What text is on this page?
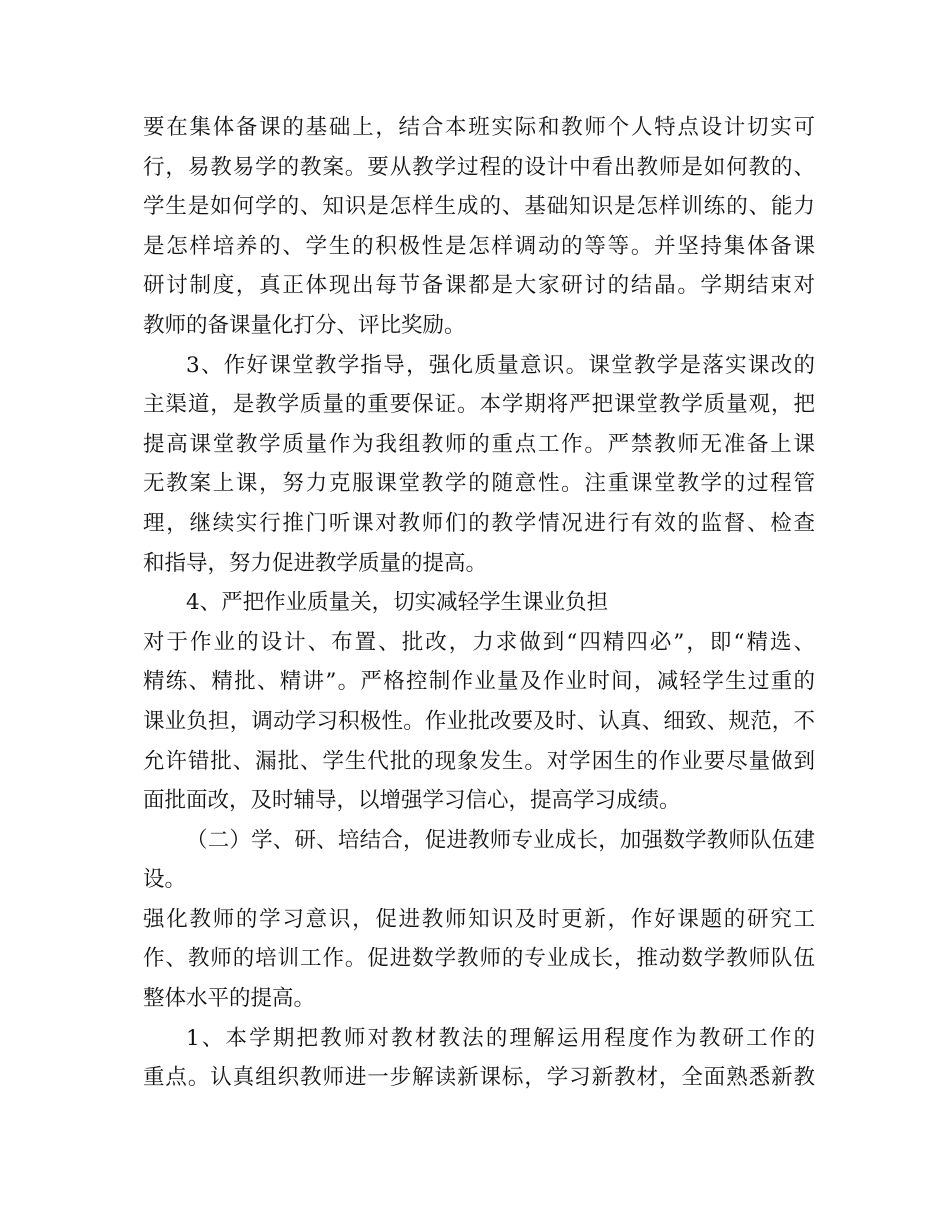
要在集体备课的基础上，结合本班实际和教师个人特点设计切实可
行，易教易学的教案。要从教学过程的设计中看出教师是如何教的、
学生是如何学的、知识是怎样生成的、基础知识是怎样训练的、能力
是怎样培养的、学生的积极性是怎样调动的等等。并坚持集体备课
研讨制度，真正体现出每节备课都是大家研讨的结晶。学期结束对
教师的备课量化打分、评比奖励。
3、作好课堂教学指导，强化质量意识。课堂教学是落实课改的
主渠道，是教学质量的重要保证。本学期将严把课堂教学质量观，把
提高课堂教学质量作为我组教师的重点工作。严禁教师无准备上课
无教案上课，努力克服课堂教学的随意性。注重课堂教学的过程管
理，继续实行推门听课对教师们的教学情况进行有效的监督、检查
和指导，努力促进教学质量的提高。
4、严把作业质量关，切实减轻学生课业负担
对于作业的设计、布置、批改，力求做到“四精四必”，即“精选、
精练、精批、精讲”。严格控制作业量及作业时间，减轻学生过重的
课业负担，调动学习积极性。作业批改要及时、认真、细致、规范，不
允许错批、漏批、学生代批的现象发生。对学困生的作业要尽量做到
面批面改，及时辅导，以增强学习信心，提高学习成绩。
（二）学、研、培结合，促进教师专业成长，加强数学教师队伍建
设。
强化教师的学习意识，促进教师知识及时更新，作好课题的研究工
作、教师的培训工作。促进数学教师的专业成长，推动数学教师队伍
整体水平的提高。
1、本学期把教师对教材教法的理解运用程度作为教研工作的
重点。认真组织教师进一步解读新课标，学习新教材，全面熟悉新教
